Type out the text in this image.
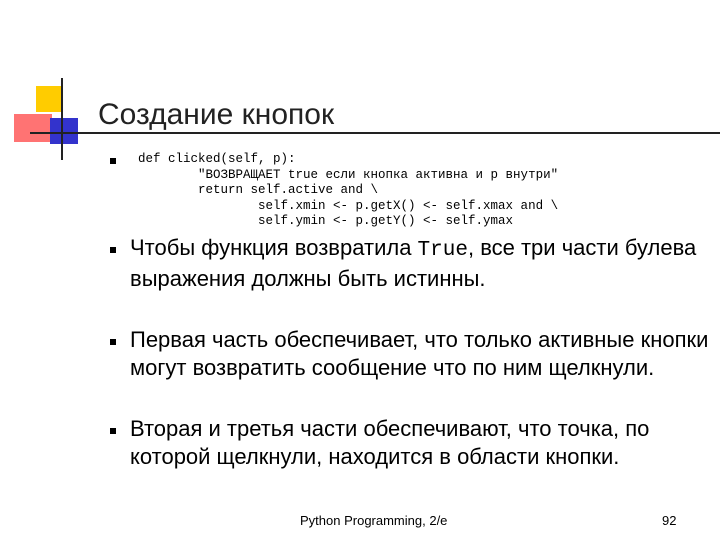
Создание кнопок
def clicked(self, p):
"ВОЗВРАЩАЕТ true если кнопка активна и p внутри"
return self.active and \
self.xmin <- p.getX() <- self.xmax and \
self.ymin <- p.getY() <- self.ymax
Чтобы функция возвратила True, все три части булева выражения должны быть истинны.
Первая часть обеспечивает, что только активные кнопки могут возвратить сообщение что по ним щелкнули.
Вторая и третья части обеспечивают, что точка, по которой щелкнули, находится в области кнопки.
Python Programming, 2/e	92
